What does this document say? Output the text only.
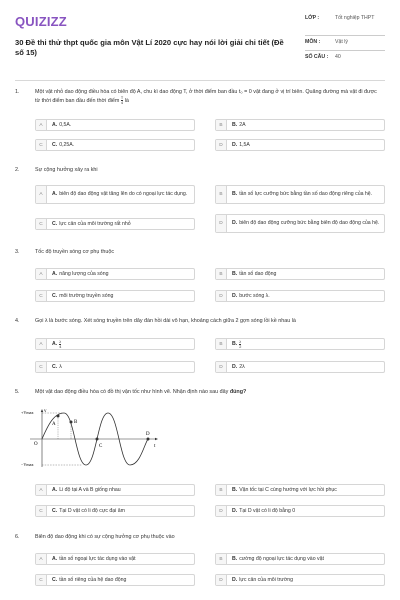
QUIZIZZ
30 Đề thi thử thpt quốc gia môn Vật Lí 2020 cực hay nói lời giải chi tiết (Đề số 15)
LỚP :	Tốt nghiệp THPT
MÔN :	Vật lý
SỐ CÂU : 40
1.	Một vật nhỏ dao động điều hòa có biên độ A, chu kì dao động T, ở thời điểm ban đầu t₀ = 0 vật đang ở vị trí biên. Quãng đường mà vật đi được từ thời điểm ban đầu đến thời điểm $\frac{T}{4}$ là
A	A. 0,5A.	B	B. 2A
C	C. 0,25A.	D	D. 1,5A
2.	Sự cộng hưởng xảy ra khi
A	A. biên độ dao động vật tăng lên do có ngoại lực tác dụng.	B	B. tần số lực cưỡng bức bằng tần số dao động riêng của hệ.
C	C. lực cản của môi trường rất nhỏ	D	D. biên độ dao động cưỡng bức bằng biên độ dao động của hệ.
3.	Tốc độ truyền sóng cơ phụ thuộc
A	A. năng lượng của sóng	B	B. tần số dao động
C	C. môi trường truyền sóng	D	D. bước sóng λ.
4.	Gọi λ là bước sóng. Xét sóng truyền trên dây đàn hồi dài vô hạn, khoảng cách giữa 2 gợn sóng lồi kề nhau là
A	A. $\frac{\lambda}{4}$	B	B. $\frac{\lambda}{2}$
C	C. λ	D	D. 2λ
5.	Một vật dao động điều hòa có đồ thị vận tốc như hình vẽ. Nhận định nào sau đây đúng?
v
+Vmax
−Vmax
O	t
A	B
C
D
A	A. Li độ tại A và B giống nhau	B	B. Vận tốc tại C cùng hướng với lực hồi phục
C	C. Tại D vật có li độ cực đại âm	D	D. Tại D vật có li độ bằng 0
6.	Biên độ dao động khi có sự cộng hưởng cơ phụ thuộc vào
A	A. tần số ngoại lực tác dụng vào vật	B	B. cường độ ngoại lực tác dụng vào vật
C	C. tần số riêng của hệ dao động	D	D. lực cản của môi trường
